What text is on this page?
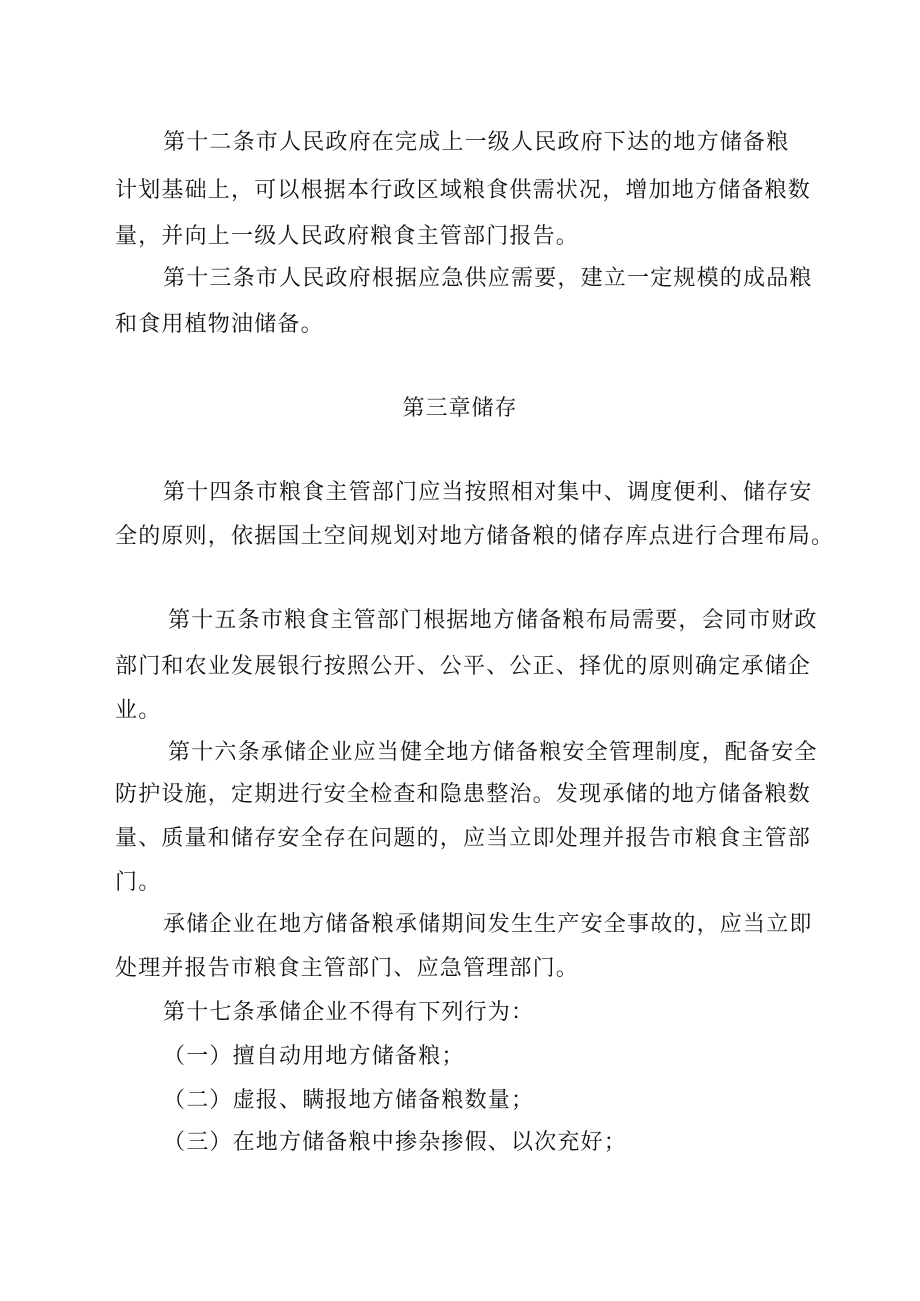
第十二条市人民政府在完成上一级人民政府下达的地方储备粮
计划基础上，可以根据本行政区域粮食供需状况，增加地方储备粮数
量，并向上一级人民政府粮食主管部门报告。
第十三条市人民政府根据应急供应需要，建立一定规模的成品粮
和食用植物油储备。
第三章储存
第十四条市粮食主管部门应当按照相对集中、调度便利、储存安
全的原则，依据国土空间规划对地方储备粮的储存库点进行合理布局。
第十五条市粮食主管部门根据地方储备粮布局需要，会同市财政
部门和农业发展银行按照公开、公平、公正、择优的原则确定承储企
业。
第十六条承储企业应当健全地方储备粮安全管理制度，配备安全
防护设施，定期进行安全检查和隐患整治。发现承储的地方储备粮数
量、质量和储存安全存在问题的，应当立即处理并报告市粮食主管部
门。
承储企业在地方储备粮承储期间发生生产安全事故的，应当立即
处理并报告市粮食主管部门、应急管理部门。
第十七条承储企业不得有下列行为：
（一）擅自动用地方储备粮；
（二）虚报、瞒报地方储备粮数量；
（三）在地方储备粮中掺杂掺假、以次充好；
